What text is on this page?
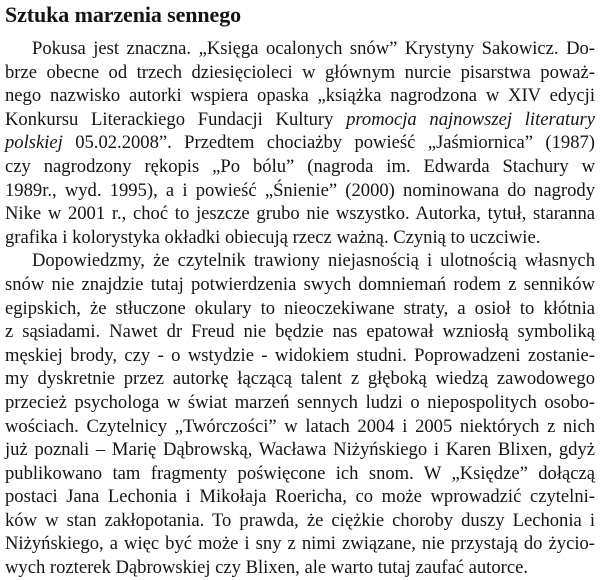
Sztuka marzenia sennego

Pokusa jest znaczna. „Księga ocalonych snów” Krystyny Sakowicz. Do-
brze obecne od trzech dziesięcioleci w głównym nurcie pisarstwa poważ-
nego nazwisko autorki wspiera opaska „książka nagrodzona w XIV edycji
Konkursu Literackiego Fundacji Kultury promocja najnowszej literatury
polskiej 05.02.2008”. Przedtem chociażby powieść „Jaśmiornica” (1987)
czy nagrodzony rękopis „Po bólu” (nagroda im. Edwarda Stachury w
1989r., wyd. 1995), a i powieść „Śnienie” (2000) nominowana do nagrody
Nike w 2001 r., choć to jeszcze grubo nie wszystko. Autorka, tytuł, staranna
grafika i kolorystyka okładki obiecują rzecz ważną. Czynią to uczciwie.

Dopowiedzmy, że czytelnik trawiony niejasnością i ulotnością własnych
snów nie znajdzie tutaj potwierdzenia swych domniemań rodem z senników
egipskich, że stłuczone okulary to nieoczekiwane straty, a osioł to kłótnia
z sąsiadami. Nawet dr Freud nie będzie nas epatował wzniosłą symboliką
męskiej brody, czy - o wstydzie - widokiem studni. Poprowadzeni zostanie-
my dyskretnie przez autorkę łączącą talent z głęboką wiedzą zawodowego
przecież psychologa w świat marzeń sennych ludzi o niepospolitych osobo-
wościach. Czytelnicy „Twórczości” w latach 2004 i 2005 niektórych z nich
już poznali – Marię Dąbrowską, Wacława Niżyńskiego i Karen Blixen, gdyż
publikowano tam fragmenty poświęcone ich snom. W „Księdze” dołączą
postaci Jana Lechonia i Mikołaja Roericha, co może wprowadzić czytelni-
ków w stan zakłopotania. To prawda, że ciężkie choroby duszy Lechonia i
Niżyńskiego, a więc być może i sny z nimi związane, nie przystają do życio-
wych rozterek Dąbrowskiej czy Blixen, ale warto tutaj zaufać autorce.
